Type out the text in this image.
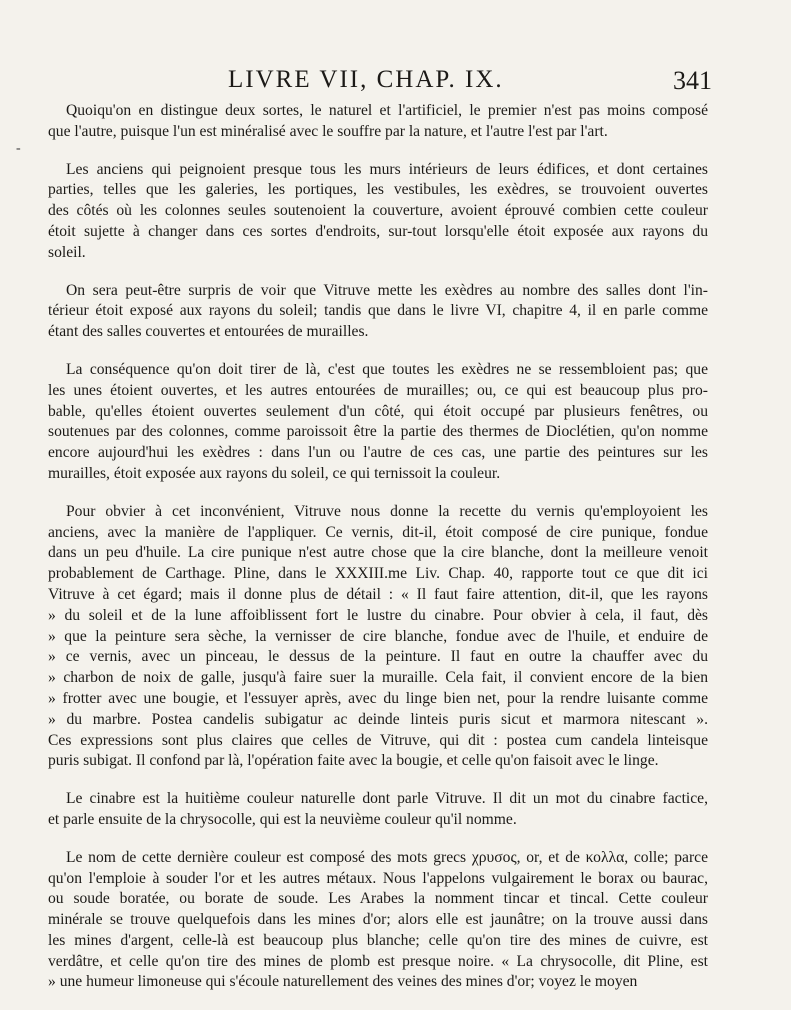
LIVRE VII, CHAP. IX.	341
-

Quoiqu'on en distingue deux sortes, le naturel et l'artificiel, le premier n'est pas moins composé
que l'autre, puisque l'un est minéralisé avec le souffre par la nature, et l'autre l'est par l'art.

Les anciens qui peignoient presque tous les murs intérieurs de leurs édifices, et dont certaines
parties, telles que les galeries, les portiques, les vestibules, les exèdres, se trouvoient ouvertes
des côtés où les colonnes seules soutenoient la couverture, avoient éprouvé combien cette couleur
étoit sujette à changer dans ces sortes d'endroits, sur-tout lorsqu'elle étoit exposée aux rayons du
soleil.

On sera peut-être surpris de voir que Vitruve mette les exèdres au nombre des salles dont l'in-
térieur étoit exposé aux rayons du soleil; tandis que dans le livre VI, chapitre 4, il en parle comme
étant des salles couvertes et entourées de murailles.

La conséquence qu'on doit tirer de là, c'est que toutes les exèdres ne se ressembloient pas; que
les unes étoient ouvertes, et les autres entourées de murailles; ou, ce qui est beaucoup plus pro-
bable, qu'elles étoient ouvertes seulement d'un côté, qui étoit occupé par plusieurs fenêtres, ou
soutenues par des colonnes, comme paroissoit être la partie des thermes de Dioclétien, qu'on nomme
encore aujourd'hui les exèdres : dans l'un ou l'autre de ces cas, une partie des peintures sur les
murailles, étoit exposée aux rayons du soleil, ce qui ternissoit la couleur.

Pour obvier à cet inconvénient, Vitruve nous donne la recette du vernis qu'employoient les
anciens, avec la manière de l'appliquer. Ce vernis, dit-il, étoit composé de cire punique, fondue
dans un peu d'huile. La cire punique n'est autre chose que la cire blanche, dont la meilleure venoit
probablement de Carthage. Pline, dans le XXXIII.me Liv. Chap. 40, rapporte tout ce que dit ici
Vitruve à cet égard; mais il donne plus de détail : « Il faut faire attention, dit-il, que les rayons
» du soleil et de la lune affoiblissent fort le lustre du cinabre. Pour obvier à cela, il faut, dès
» que la peinture sera sèche, la vernisser de cire blanche, fondue avec de l'huile, et enduire de
» ce vernis, avec un pinceau, le dessus de la peinture. Il faut en outre la chauffer avec du
» charbon de noix de galle, jusqu'à faire suer la muraille. Cela fait, il convient encore de la bien
» frotter avec une bougie, et l'essuyer après, avec du linge bien net, pour la rendre luisante comme
» du marbre. Postea candelis subigatur ac deinde linteis puris sicut et marmora nitescant ».
Ces expressions sont plus claires que celles de Vitruve, qui dit : postea cum candela linteisque
puris subigat. Il confond par là, l'opération faite avec la bougie, et celle qu'on faisoit avec le linge.

Le cinabre est la huitième couleur naturelle dont parle Vitruve. Il dit un mot du cinabre factice,
et parle ensuite de la chrysocolle, qui est la neuvième couleur qu'il nomme.

Le nom de cette dernière couleur est composé des mots grecs χρυσος, or, et de κολλα, colle; parce
qu'on l'emploie à souder l'or et les autres métaux. Nous l'appelons vulgairement le borax ou baurac,
ou soude boratée, ou borate de soude. Les Arabes la nomment tincar et tincal. Cette couleur
minérale se trouve quelquefois dans les mines d'or; alors elle est jaunâtre; on la trouve aussi dans
les mines d'argent, celle-là est beaucoup plus blanche; celle qu'on tire des mines de cuivre, est
verdâtre, et celle qu'on tire des mines de plomb est presque noire. « La chrysocolle, dit Pline, est
» une humeur limoneuse qui s'écoule naturellement des veines des mines d'or; voyez le moyen
